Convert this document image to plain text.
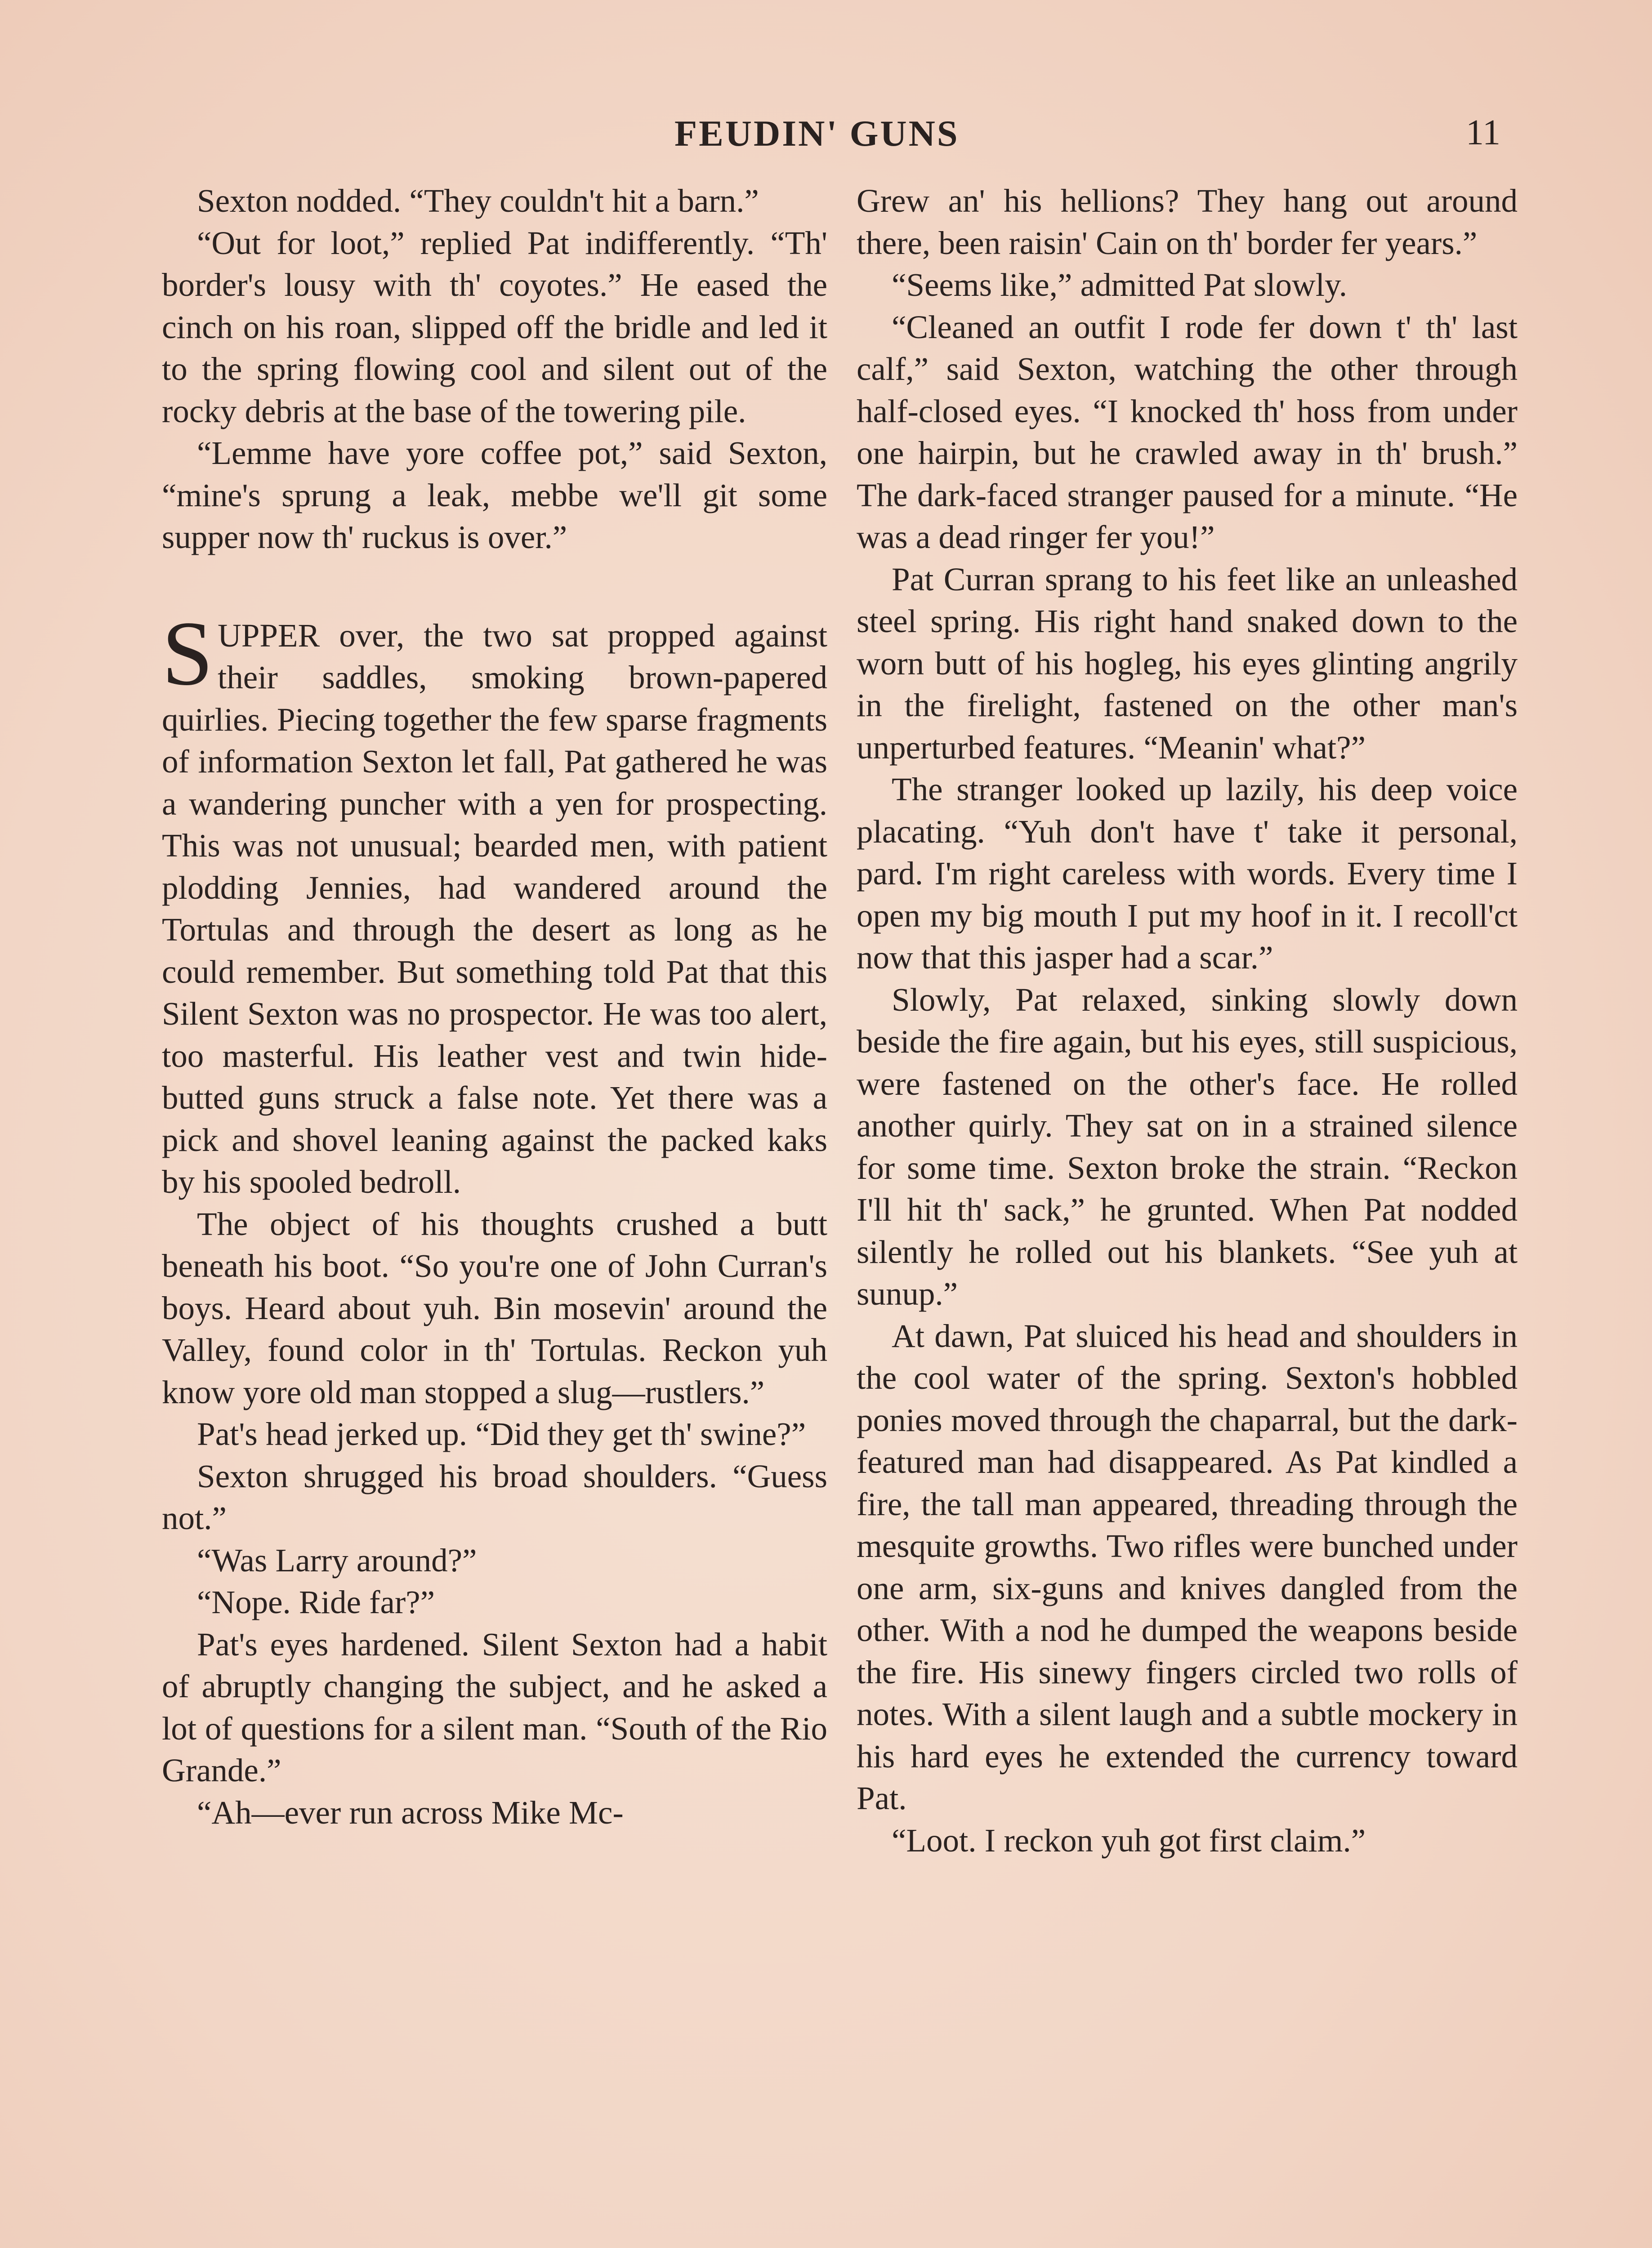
FEUDIN' GUNS	11

Sexton nodded. “They couldn't hit a barn.”

“Out for loot,” replied Pat indifferently. “Th' border's lousy with th' coyotes.” He eased the cinch on his roan, slipped off the bridle and led it to the spring flowing cool and silent out of the rocky debris at the base of the towering pile.

“Lemme have yore coffee pot,” said Sexton, “mine's sprung a leak, mebbe we'll git some supper now th' ruckus is over.”

SUPPER over, the two sat propped against their saddles, smoking brown-papered quirlies. Piecing together the few sparse fragments of information Sexton let fall, Pat gathered he was a wandering puncher with a yen for prospecting. This was not unusual; bearded men, with patient plodding Jennies, had wandered around the Tortulas and through the desert as long as he could remember. But something told Pat that this Silent Sexton was no prospector. He was too alert, too masterful. His leather vest and twin hide-butted guns struck a false note. Yet there was a pick and shovel leaning against the packed kaks by his spooled bedroll.

The object of his thoughts crushed a butt beneath his boot. “So you're one of John Curran's boys. Heard about yuh. Bin mosevin' around the Valley, found color in th' Tortulas. Reckon yuh know yore old man stopped a slug—rustlers.”

Pat's head jerked up. “Did they get th' swine?”

Sexton shrugged his broad shoulders. “Guess not.”

“Was Larry around?”

“Nope. Ride far?”

Pat's eyes hardened. Silent Sexton had a habit of abruptly changing the subject, and he asked a lot of questions for a silent man. “South of the Rio Grande.”

“Ah—ever run across Mike Mc-

Grew an' his hellions? They hang out around there, been raisin' Cain on th' border fer years.”

“Seems like,” admitted Pat slowly.

“Cleaned an outfit I rode fer down t' th' last calf,” said Sexton, watching the other through half-closed eyes. “I knocked th' hoss from under one hairpin, but he crawled away in th' brush.” The dark-faced stranger paused for a minute. “He was a dead ringer fer you!”

Pat Curran sprang to his feet like an unleashed steel spring. His right hand snaked down to the worn butt of his hogleg, his eyes glinting angrily in the firelight, fastened on the other man's unperturbed features. “Meanin' what?”

The stranger looked up lazily, his deep voice placating. “Yuh don't have t' take it personal, pard. I'm right careless with words. Every time I open my big mouth I put my hoof in it. I recoll'ct now that this jasper had a scar.”

Slowly, Pat relaxed, sinking slowly down beside the fire again, but his eyes, still suspicious, were fastened on the other's face. He rolled another quirly. They sat on in a strained silence for some time. Sexton broke the strain. “Reckon I'll hit th' sack,” he grunted. When Pat nodded silently he rolled out his blankets. “See yuh at sunup.”

At dawn, Pat sluiced his head and shoulders in the cool water of the spring. Sexton's hobbled ponies moved through the chaparral, but the dark-featured man had disappeared. As Pat kindled a fire, the tall man appeared, threading through the mesquite growths. Two rifles were bunched under one arm, six-guns and knives dangled from the other. With a nod he dumped the weapons beside the fire. His sinewy fingers circled two rolls of notes. With a silent laugh and a subtle mockery in his hard eyes he extended the currency toward Pat.

“Loot. I reckon yuh got first claim.”
